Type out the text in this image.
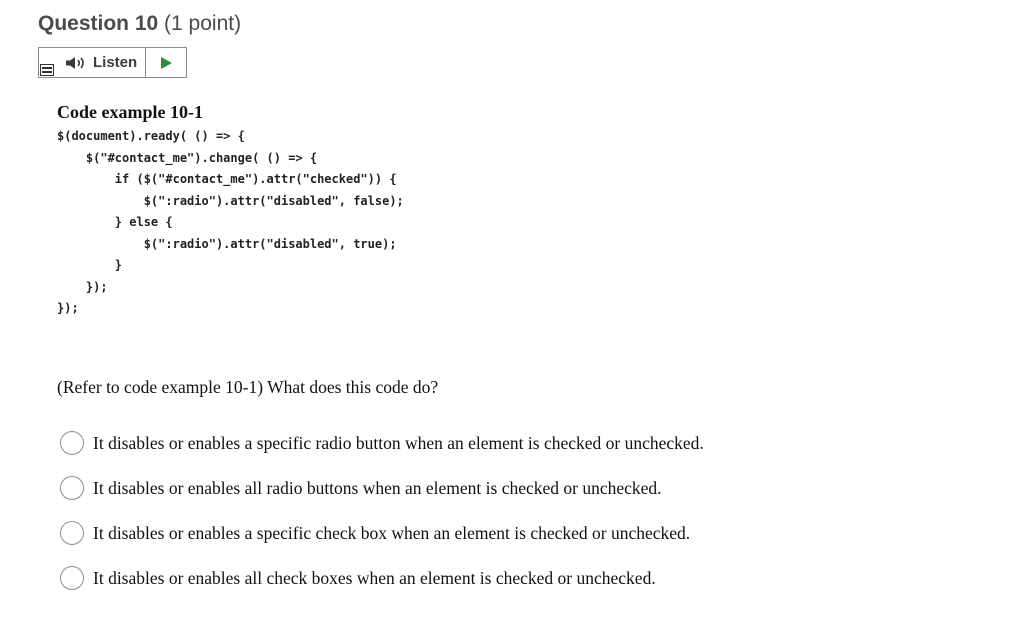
Question 10 (1 point)
Listen
Code example 10-1
$(document).ready( () => {
$("#contact_me").change( () => {
if ($("#contact_me").attr("checked")) {
$(":radio").attr("disabled", false);
} else {
$(":radio").attr("disabled", true);
}
});
});
(Refer to code example 10-1) What does this code do?
It disables or enables a specific radio button when an element is checked or unchecked.
It disables or enables all radio buttons when an element is checked or unchecked.
It disables or enables a specific check box when an element is checked or unchecked.
It disables or enables all check boxes when an element is checked or unchecked.
